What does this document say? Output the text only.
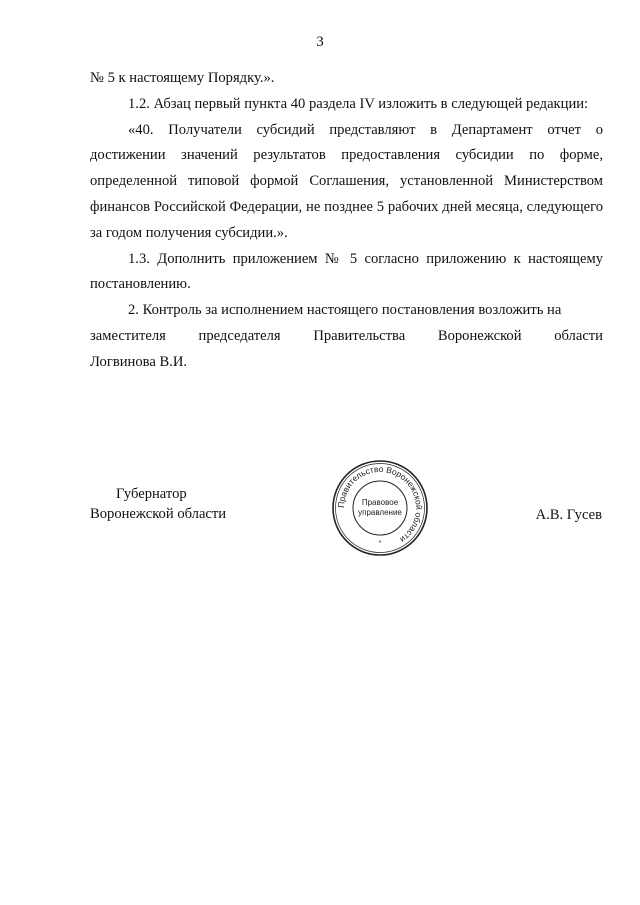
3

№ 5 к настоящему Порядку.».

1.2. Абзац первый пункта 40 раздела IV изложить в следующей редакции:

«40. Получатели субсидий представляют в Департамент отчет о достижении значений результатов предоставления субсидии по форме, определенной типовой формой Соглашения, установленной Министерством финансов Российской Федерации, не позднее 5 рабочих дней месяца, следующего за годом получения субсидии.».

1.3. Дополнить приложением № 5 согласно приложению к настоящему постановлению.

2. Контроль за исполнением настоящего постановления возложить на

заместителя председателя Правительства Воронежской области

Логвинова В.И.

Губернатор
Воронежской области
Правительство Воронежской области
Правовое
управление
*
А.В. Гусев
